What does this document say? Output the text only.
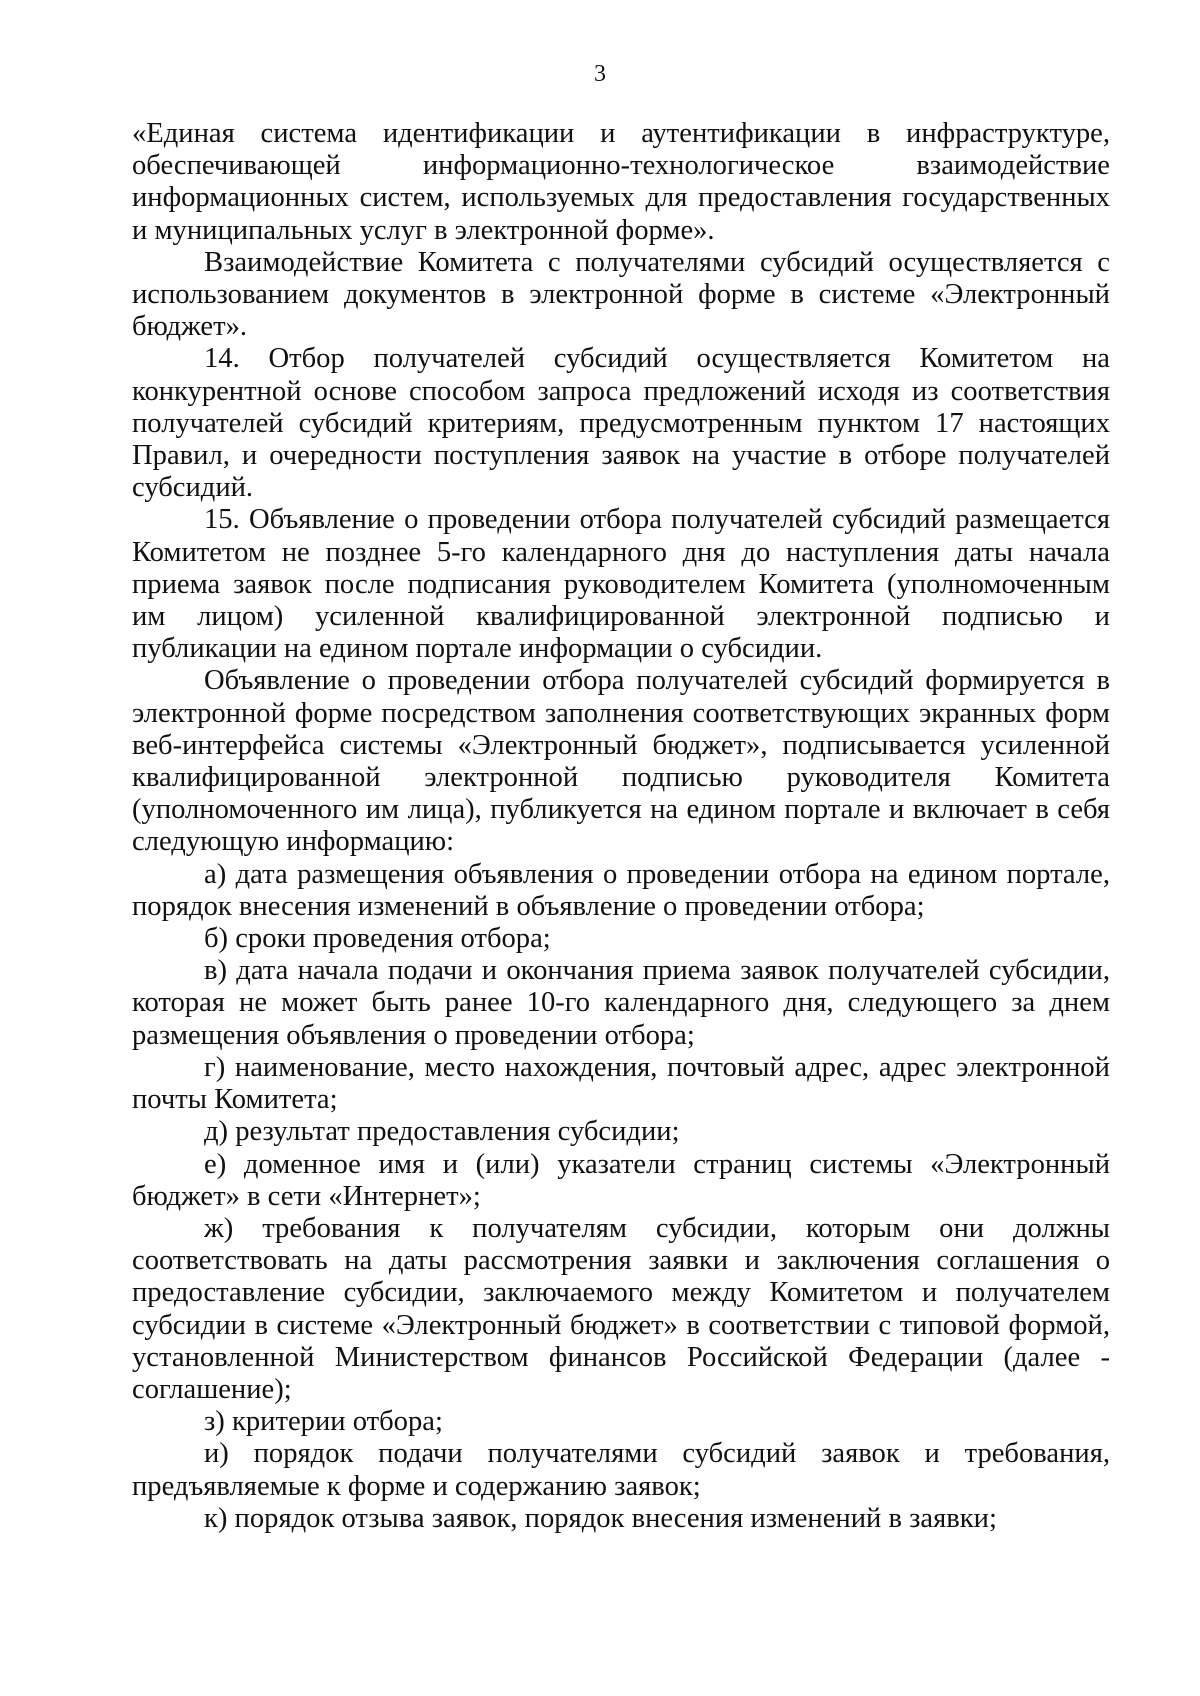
3

«Единая система идентификации и аутентификации в инфраструктуре, обеспечивающей информационно-технологическое взаимодействие информационных систем, используемых для предоставления государственных и муниципальных услуг в электронной форме».

Взаимодействие Комитета с получателями субсидий осуществляется с использованием документов в электронной форме в системе «Электронный бюджет».

14. Отбор получателей субсидий осуществляется Комитетом на конкурентной основе способом запроса предложений исходя из соответствия получателей субсидий критериям, предусмотренным пунктом 17 настоящих Правил, и очередности поступления заявок на участие в отборе получателей субсидий.

15. Объявление о проведении отбора получателей субсидий размещается Комитетом не позднее 5-го календарного дня до наступления даты начала приема заявок после подписания руководителем Комитета (уполномоченным им лицом) усиленной квалифицированной электронной подписью и публикации на едином портале информации о субсидии.

Объявление о проведении отбора получателей субсидий формируется в электронной форме посредством заполнения соответствующих экранных форм веб-интерфейса системы «Электронный бюджет», подписывается усиленной квалифицированной электронной подписью руководителя Комитета (уполномоченного им лица), публикуется на едином портале и включает в себя следующую информацию:

а) дата размещения объявления о проведении отбора на едином портале, порядок внесения изменений в объявление о проведении отбора;

б) сроки проведения отбора;

в) дата начала подачи и окончания приема заявок получателей субсидии, которая не может быть ранее 10-го календарного дня, следующего за днем размещения объявления о проведении отбора;

г) наименование, место нахождения, почтовый адрес, адрес электронной почты Комитета;

д) результат предоставления субсидии;

е) доменное имя и (или) указатели страниц системы «Электронный бюджет» в сети «Интернет»;

ж) требования к получателям субсидии, которым они должны соответствовать на даты рассмотрения заявки и заключения соглашения о предоставление субсидии, заключаемого между Комитетом и получателем субсидии в системе «Электронный бюджет» в соответствии с типовой формой, установленной Министерством финансов Российской Федерации (далее - соглашение);

з) критерии отбора;

и) порядок подачи получателями субсидий заявок и требования, предъявляемые к форме и содержанию заявок;

к) порядок отзыва заявок, порядок внесения изменений в заявки;
